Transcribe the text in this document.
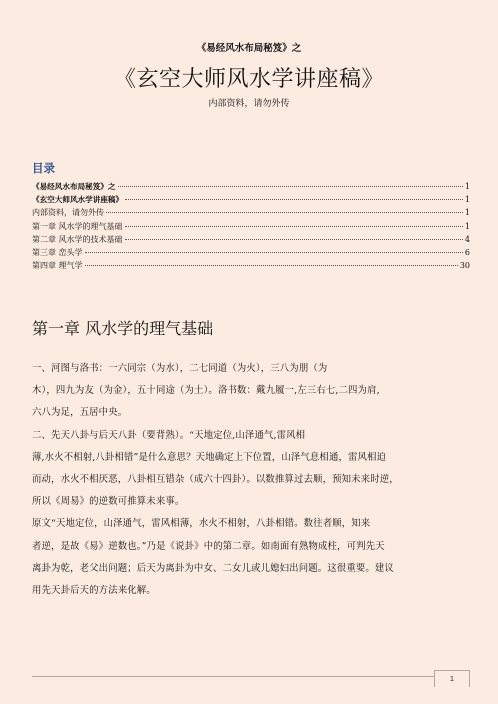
《易经风水布局秘笈》之
《玄空大师风水学讲座稿》
内部资料，请勿外传
目录
《易经风水布局秘笈》之	1
《玄空大师风水学讲座稿》	1
内部资料，请勿外传	1
第一章 风水学的理气基础	1
第二章 风水学的技术基础	4
第三章 峦头学	6
第四章 理气学	30
第一章 风水学的理气基础
一、河图与洛书：一六同宗（为水），二七同道（为火），三八为朋（为
木），四九为友（为金），五十同途（为土）。洛书数：戴九履一,左三右七,二四为肩,
六八为足，五居中央。
二、先天八卦与后天八卦（要背熟）。“天地定位,山泽通气,雷风相
薄,水火不相射,八卦相错”是什么意思？天地确定上下位置，山泽气息相通，雷风相迫
而动，水火不相厌恶，八卦相互错杂（成六十四卦）。以数推算过去顺，预知未来时逆，
所以《周易》的逆数可推算未来事。
原文“天地定位，山泽通气，雷风相薄，水火不相射，八卦相错。数往者顺，知来
者逆，是故《易》逆数也。”乃是《说卦》中的第二章。如南面有熟物成柱，可判先天
离卦为乾，老父出问题；后天为离卦为中女、二女儿或儿媳妇出问题。这很重要。建议
用先天卦后天的方法来化解。
1
